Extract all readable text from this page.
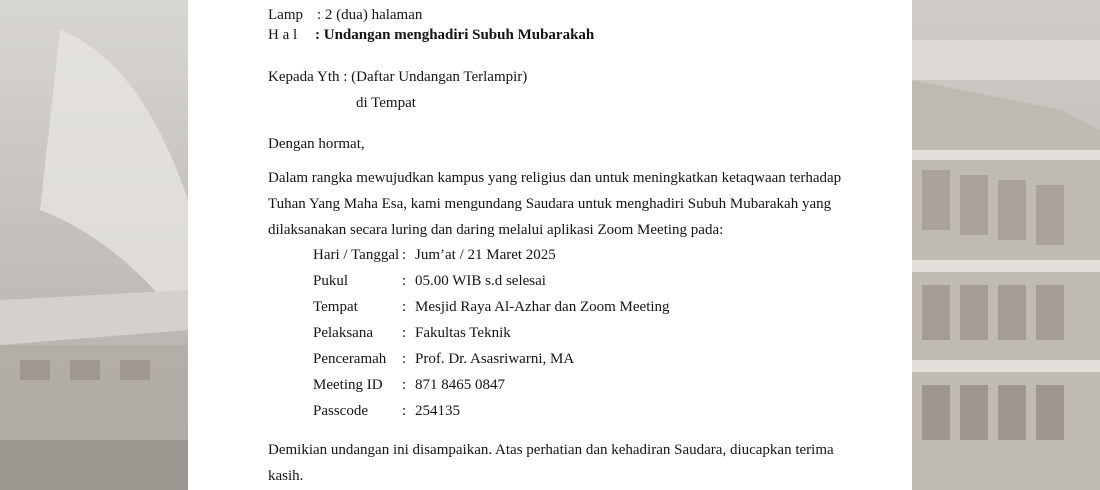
Lamp : 2 (dua) halaman
H a l : Undangan menghadiri Subuh Mubarakah
Kepada Yth : (Daftar Undangan Terlampir)
di Tempat
Dengan hormat,
Dalam rangka mewujudkan kampus yang religius dan untuk meningkatkan ketaqwaan terhadap
Tuhan Yang Maha Esa, kami mengundang Saudara untuk menghadiri Subuh Mubarakah yang
dilaksanakan secara luring dan daring melalui aplikasi Zoom Meeting pada:
Hari / Tanggal : Jum’at / 21 Maret 2025
Pukul	: 05.00 WIB s.d selesai
Tempat	: Mesjid Raya Al-Azhar dan Zoom Meeting
Pelaksana : Fakultas Teknik
Penceramah : Prof. Dr. Asasriwarni, MA
Meeting ID : 871 8465 0847
Passcode : 254135
Demikian undangan ini disampaikan. Atas perhatian dan kehadiran Saudara, diucapkan terima
kasih.
